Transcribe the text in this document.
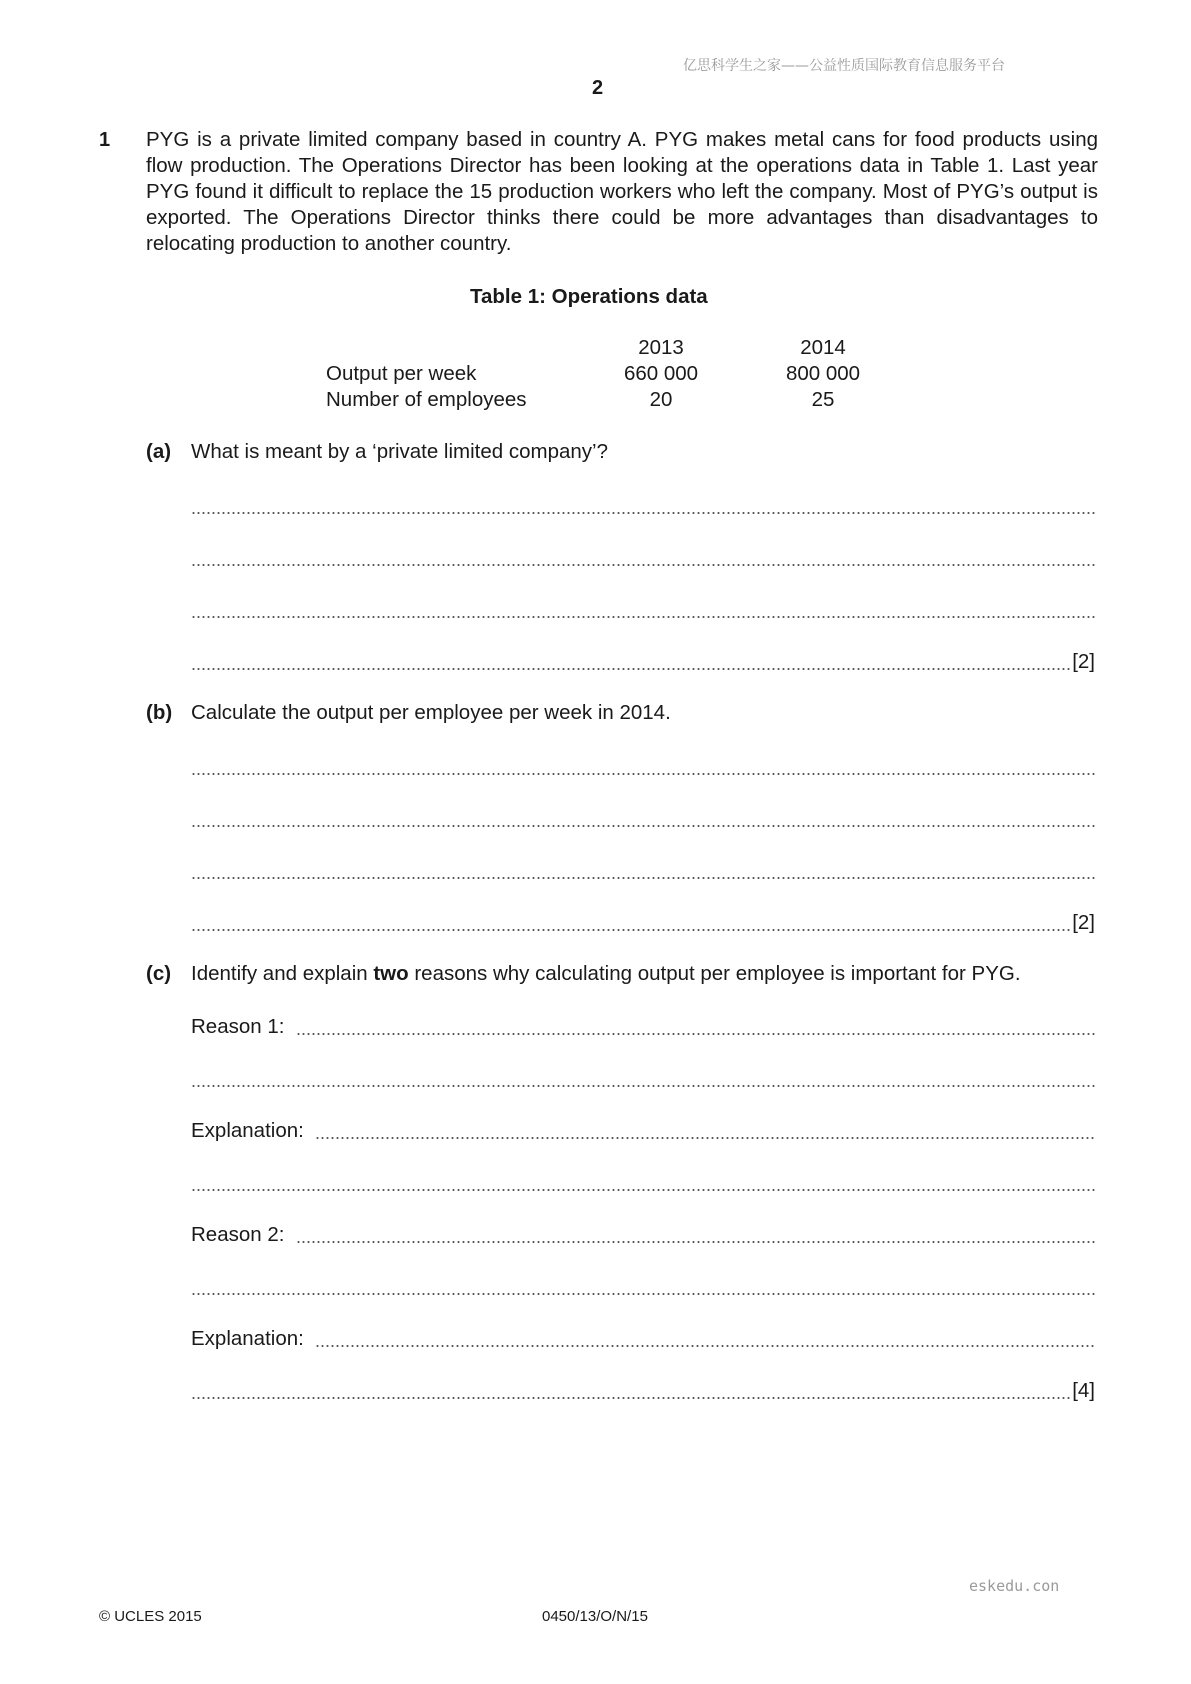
亿思科学生之家——公益性质国际教育信息服务平台
2
1 PYG is a private limited company based in country A. PYG makes metal cans for food products using flow production. The Operations Director has been looking at the operations data in Table 1. Last year PYG found it difficult to replace the 15 production workers who left the company. Most of PYG’s output is exported. The Operations Director thinks there could be more advantages than disadvantages to relocating production to another country.
Table 1: Operations data
	2013		2014
Output per week	660 000		800 000
Number of employees	20		25
(a) What is meant by a ‘private limited company’?
[2]
(b) Calculate the output per employee per week in 2014.
[2]
(c) Identify and explain two reasons why calculating output per employee is important for PYG.
Reason 1:

Explanation:

Reason 2:

Explanation:

[4]
eskedu.con
© UCLES 2015	0450/13/O/N/15
